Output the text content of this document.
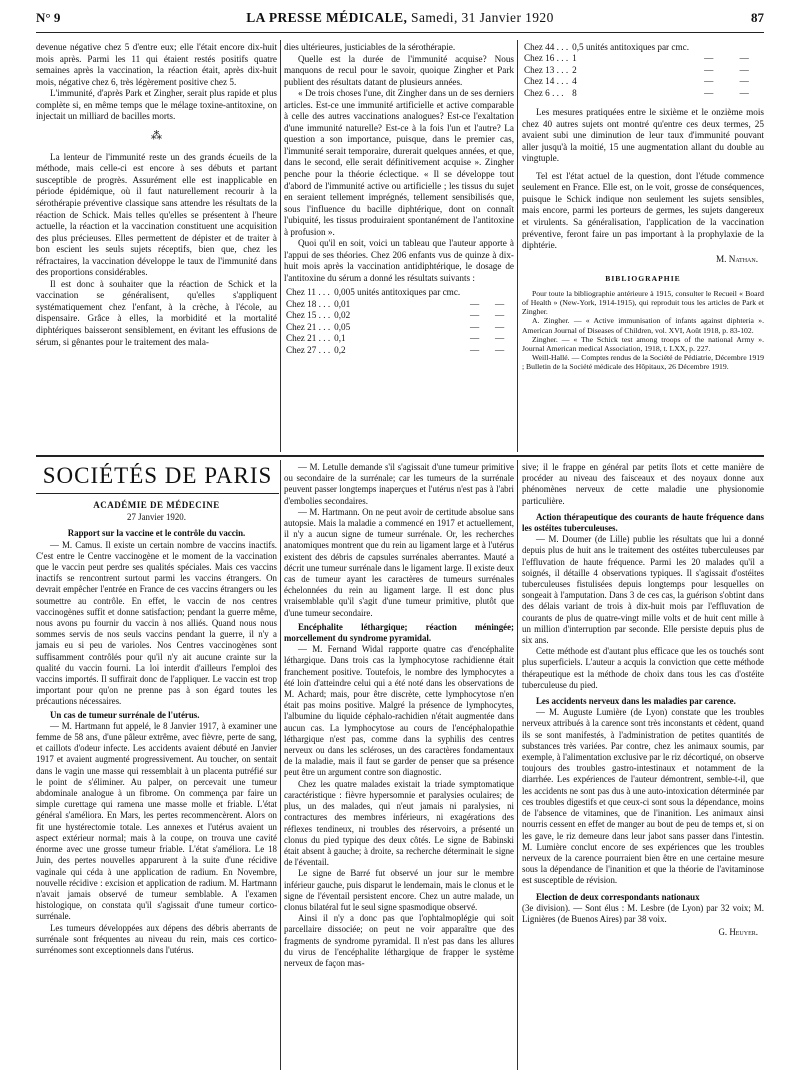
N° 9	LA PRESSE MÉDICALE, Samedi, 31 Janvier 1920	87

devenue négative chez 5 d'entre eux; elle l'était encore dix-huit mois après. Parmi les 11 qui étaient restés positifs quatre semaines après la vaccination, la réaction était, après dix-huit mois, négative chez 6, très légèrement positive chez 5.

L'immunité, d'après Park et Zingher, serait plus rapide et plus complète si, en même temps que le mélage toxine-antitoxine, on injectait un milliard de bacilles morts.

⁂

La lenteur de l'immunité reste un des grands écueils de la méthode, mais celle-ci est encore à ses débuts et partant susceptible de progrès. Assurément elle est inapplicable en période épidémique, où il faut naturellement recourir à la sérothérapie préventive classique sans attendre les résultats de la réaction de Schick. Mais telles qu'elles se présentent à l'heure actuelle, la réaction et la vaccination constituent une acquisition des plus précieuses. Elles permettent de dépister et de traiter à bon escient les seuls sujets réceptifs, bien que, chez les réfractaires, la vaccination développe le taux de l'immunité dans des proportions considérables.

Il est donc à souhaiter que la réaction de Schick et la vaccination se généralisent, qu'elles s'appliquent systématiquement chez l'enfant, à la crèche, à l'école, au dispensaire. Grâce à elles, la morbidité et la mortalité diphtériques baisseront sensiblement, en évitant les effusions de sérum, si gênantes pour le traitement des mala-

dies ultérieures, justiciables de la sérothérapie.

Quelle est la durée de l'immunité acquise? Nous manquons de recul pour le savoir, quoique Zingher et Park publient des résultats datant de plusieurs années.

« De trois choses l'une, dit Zingher dans un de ses derniers articles. Est-ce une immunité artificielle et active comparable à celle des autres vaccinations analogues? Est-ce l'exaltation d'une immunité naturelle? Est-ce à la fois l'un et l'autre? La question a son importance, puisque, dans le premier cas, l'immunité serait temporaire, durerait quelques années, et que, dans le second, elle serait définitivement acquise ». Zingher penche pour la théorie éclectique. « Il se développe tout d'abord de l'immunité active ou artificielle ; les tissus du sujet en seraient tellement imprégnés, tellement sensibilisés que, sous l'influence du bacille diphtérique, dont on connaît l'ubiquité, les tissus produiraient spontanément de l'antitoxine à profusion ».

Quoi qu'il en soit, voici un tableau que l'auteur apporte à l'appui de ses théories. Chez 206 enfants vus de quinze à dix-huit mois après la vaccination antidiphtérique, le dosage de l'antitoxine du sérum a donné les résultats suivants :

Chez 11 . . .	0,005 unités antitoxiques par cmc.		
Chez 18 . . .	0,01	—	—
Chez 15 . . .	0,02	—	—
Chez 21 . . .	0,05	—	—
Chez 21 . . .	0,1	—	—
Chez 27 . . .	0,2	—	—
Chez 44 . . .	0,5 unités antitoxiques par cmc.		
Chez 16 . . .	1	—	—
Chez 13 . . .	2	—	—
Chez 14 . . .	4	—	—
Chez 6 . . .	8	—	—

Les mesures pratiquées entre le sixième et le onzième mois chez 40 autres sujets ont montré qu'entre ces deux termes, 25 avaient subi une diminution de leur taux d'immunité pouvant aller jusqu'à la moitié, 15 une augmentation allant du double au vingtuple.

Tel est l'état actuel de la question, dont l'étude commence seulement en France. Elle est, on le voit, grosse de conséquences, puisque le Schick indique non seulement les sujets sensibles, mais encore, parmi les porteurs de germes, les sujets dangereux et virulents. Sa généralisation, l'application de la vaccination préventive, feront faire un pas important à la prophylaxie de la diphtérie.

M. Nathan.
BIBLIOGRAPHIE

Pour toute la bibliographie antérieure à 1915, consulter le Recueil « Board of Health » (New-York, 1914-1915), qui reproduit tous les articles de Park et Zingher.

A. Zingher. — « Active immunisation of infants against diphteria ». American Journal of Diseases of Children, vol. XVI, Août 1918, p. 83-102.

Zingher. — « The Schick test among troops of the national Army ». Journal American medical Association, 1918, t. LXX, p. 227.

Weill-Hallé. — Comptes rendus de la Société de Pédiatrie, Décembre 1919 ; Bulletin de la Société médicale des Hôpitaux, 26 Décembre 1919.

SOCIÉTÉS DE PARIS
ACADÉMIE DE MÉDECINE
27 Janvier 1920.

Rapport sur la vaccine et le contrôle du vaccin.

— M. Camus. Il existe un certain nombre de vaccins inactifs. C'est entre le Centre vaccinogène et le moment de la vaccination que le vaccin peut perdre ses qualités spéciales. Mais ces vaccins inactifs se rencontrent surtout parmi les vaccins étrangers. On devrait empêcher l'entrée en France de ces vaccins étrangers ou les soumettre au contrôle. En effet, le vaccin de nos centres vaccinogènes suffit et donne satisfaction; pendant la guerre même, nous avons pu fournir du vaccin à nos alliés. Quand nous nous sommes servis de nos seuls vaccins pendant la guerre, il n'y a jamais eu si peu de varioles. Nos Centres vaccinogènes sont suffisamment contrôlés pour qu'il n'y ait aucune crainte sur la qualité du vaccin fourni. La loi interdit d'ailleurs l'emploi des vaccins importés. Il suffirait donc de l'appliquer. Le vaccin est trop important pour qu'on ne prenne pas à son égard toutes les précautions nécessaires.

Un cas de tumeur surrénale de l'utérus.

— M. Hartmann fut appelé, le 8 Janvier 1917, à examiner une femme de 58 ans, d'une pâleur extrême, avec fièvre, perte de sang, et caillots d'odeur infecte. Les accidents avaient débuté en Janvier 1917 et avaient augmenté progressivement. Au toucher, on sentait dans le vagin une masse qui ressemblait à un placenta putréfié sur le point de s'éliminer. Au palper, on percevait une tumeur abdominale analogue à un fibrome. On commença par faire un simple curettage qui ramena une masse molle et friable. L'état général s'améliora. En Mars, les pertes recommencèrent. Alors on fit une hystérectomie totale. Les annexes et l'utérus avaient un aspect extérieur normal; mais à la coupe, on trouva une cavité énorme avec une grosse tumeur friable. L'état s'améliora. Le 18 Juin, des pertes nouvelles apparurent à la suite d'une récidive vaginale qui céda à une application de radium. En Novembre, nouvelle récidive : excision et application de radium. M. Hartmann n'avait jamais observé de tumeur semblable. A l'examen histologique, on constata qu'il s'agissait d'une tumeur cortico-surrénale.

Les tumeurs développées aux dépens des débris aberrants de surrénale sont fréquentes au niveau du rein, mais ces cortico-surrénomes sont exceptionnels dans l'utérus.

— M. Letulle demande s'il s'agissait d'une tumeur primitive ou secondaire de la surrénale; car les tumeurs de la surrénale peuvent passer longtemps inaperçues et l'utérus n'est pas à l'abri d'embolies secondaires.

— M. Hartmann. On ne peut avoir de certitude absolue sans autopsie. Mais la maladie a commencé en 1917 et actuellement, il n'y a aucun signe de tumeur surrénale. Or, les recherches anatomiques montrent que du rein au ligament large et à l'utérus existent des débris de capsules surrénales aberrantes. Mauté a décrit une tumeur surrénale dans le ligament large. Il existe deux cas de tumeur ayant les caractères de tumeurs surrénales échelonnées du rein au ligament large. Il est donc plus vraisemblable qu'il s'agit d'une tumeur primitive, plutôt que d'une tumeur secondaire.

Encéphalite léthargique; réaction méningée; morcellement du syndrome pyramidal.

— M. Fernand Widal rapporte quatre cas d'encéphalite léthargique. Dans trois cas la lymphocytose rachidienne était franchement positive. Toutefois, le nombre des lymphocytes a été loin d'atteindre celui qui a été noté dans les observations de M. Achard; mais, pour être discrète, cette lymphocytose n'en était pas moins positive. Malgré la présence de lymphocytes, l'albumine du liquide céphalo-rachidien n'était augmentée dans aucun cas. La lymphocytose au cours de l'encéphalopathie léthargique n'est pas, comme dans la syphilis des centres nerveux ou dans les scléroses, un des caractères fondamentaux de la maladie, mais il faut se garder de penser que sa présence peut être un argument contre son diagnostic.

Chez les quatre malades existait la triade symptomatique caractéristique : fièvre hypersomnie et paralysies oculaires; de plus, un des malades, qui n'eut jamais ni paralysies, ni contractures des membres inférieurs, ni exagérations des réflexes tendineux, ni troubles des réservoirs, a présenté un clonus du pied typique des deux côtés. Le signe de Babinski était absent à gauche; à droite, sa recherche déterminait le signe de l'éventail.

Le signe de Barré fut observé un jour sur le membre inférieur gauche, puis disparut le lendemain, mais le clonus et le signe de l'éventail persistent encore. Chez un autre malade, un clonus bilatéral fut le seul signe spasmodique observé.

Ainsi il n'y a donc pas que l'ophtalmoplégie qui soit parcellaire dissociée; on peut ne voir apparaître que des fragments de syndrome pyramidal. Il n'est pas dans les allures du virus de l'encéphalite léthargique de frapper le système nerveux de façon mas-

sive; il le frappe en général par petits îlots et cette manière de procéder au niveau des faisceaux et des noyaux donne aux phénomènes nerveux de cette maladie une physionomie particulière.

Action thérapeutique des courants de haute fréquence dans les ostéites tuberculeuses.

— M. Doumer (de Lille) publie les résultats que lui a donné depuis plus de huit ans le traitement des ostéites tuberculeuses par l'effluvation de haute fréquence. Parmi les 20 malades qu'il a soignés, il détaille 4 observations typiques. Il s'agissait d'ostéites tuberculeuses fistulisées depuis longtemps pour lesquelles on songeait à l'amputation. Dans 3 de ces cas, la guérison s'obtint dans des délais variant de trois à dix-huit mois par l'effluvation de courants de plus de quatre-vingt mille volts et de huit cent mille à un million d'interruption par seconde. Elle persiste depuis plus de six ans.

Cette méthode est d'autant plus efficace que les os touchés sont plus superficiels. L'auteur a acquis la conviction que cette méthode thérapeutique est la méthode de choix dans tous les cas d'ostéite tuberculeuse du pied.

Les accidents nerveux dans les maladies par carence.

— M. Auguste Lumière (de Lyon) constate que les troubles nerveux attribués à la carence sont très inconstants et cèdent, quand ils se sont manifestés, à l'administration de petites quantités de substances très variées. Par contre, chez les animaux soumis, par exemple, à l'alimentation exclusive par le riz décortiqué, on observe toujours des troubles gastro-intestinaux et notamment de la diarrhée. Les expériences de l'auteur démontrent, semble-t-il, que les accidents ne sont pas dus à une auto-intoxication déterminée par ces troubles digestifs et que ceux-ci sont sous la dépendance, moins de l'absence de vitamines, que de l'inanition. Les animaux ainsi nourris cessent en effet de manger au bout de peu de temps et, si on les gave, le riz demeure dans leur jabot sans passer dans l'intestin. M. Lumière conclut encore de ses expériences que les troubles nerveux de la carence pourraient bien être en une certaine mesure sous la dépendance de l'inanition et que la théorie de l'avitaminose est susceptible de révision.

Election de deux correspondants nationaux

(3e division). — Sont élus : M. Lesbre (de Lyon) par 32 voix; M. Lignières (de Buenos Aires) par 38 voix.

G. Heuyer.
